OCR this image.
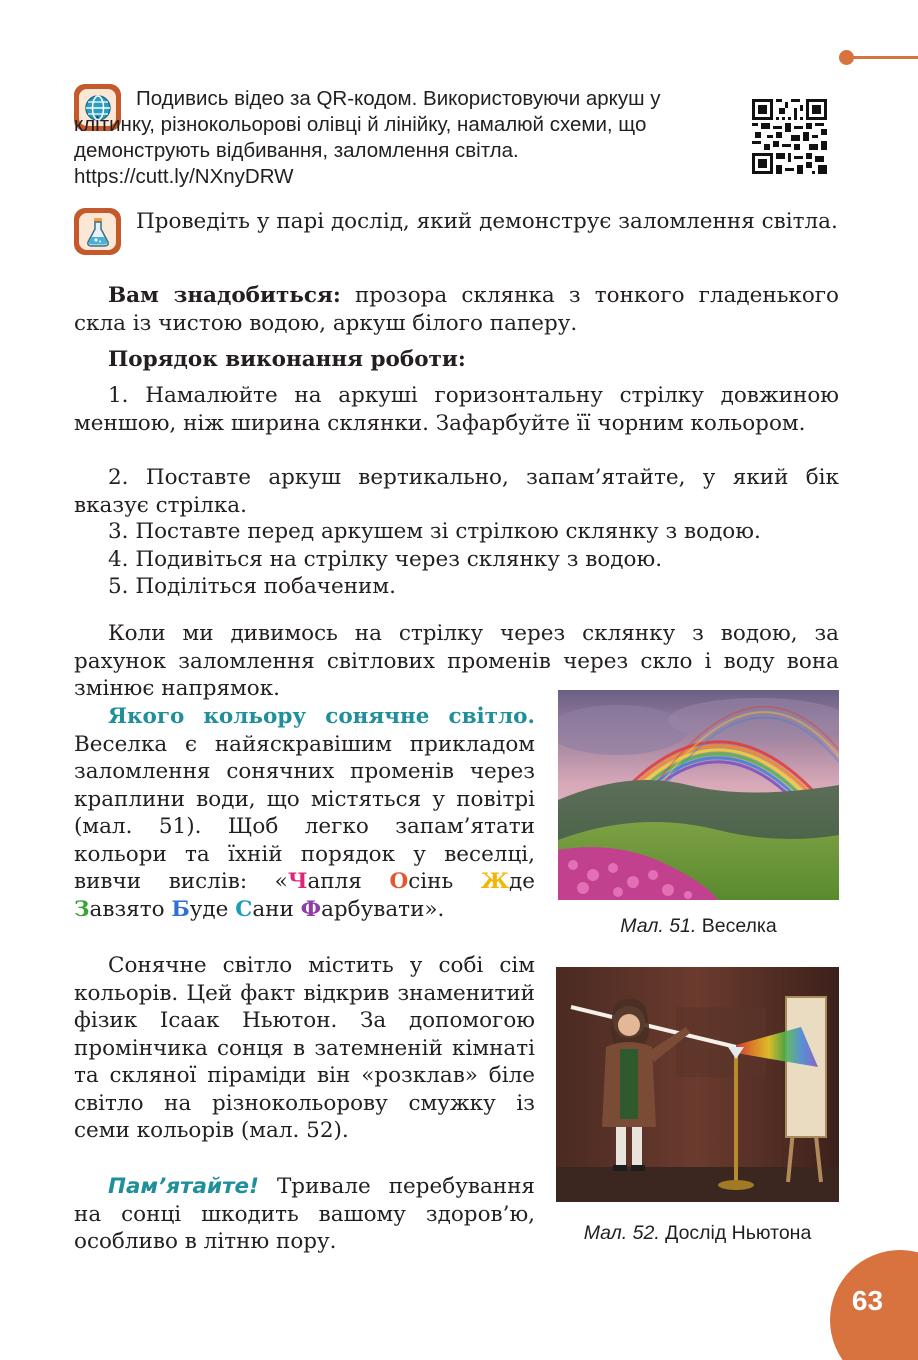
Подивись відео за QR-кодом. Використовуючи аркуш у клітинку, різнокольорові олівці й лінійку, намалюй схеми, що демонструють відбивання, заломлення світла. https://cutt.ly/NXnyDRW
Проведіть у парі дослід, який демонструє заломлення світла.
Вам знадобиться: прозора склянка з тонкого гладенького скла із чистою водою, аркуш білого паперу.
Порядок виконання роботи:
1. Намалюйте на аркуші горизонтальну стрілку довжиною меншою, ніж ширина склянки. Зафарбуйте її чорним кольором.
2. Поставте аркуш вертикально, запам’ятайте, у який бік вказує стрілка.
3. Поставте перед аркушем зі стрілкою склянку з водою.
4. Подивіться на стрілку через склянку з водою.
5. Поділіться побаченим.
Коли ми дивимось на стрілку через склянку з водою, за рахунок заломлення світлових променів через скло і воду вона змінює напрямок.
Якого кольору сонячне світло. Веселка є найяскравішим прикладом заломлення сонячних променів через краплини води, що містяться у повітрі (мал. 51). Щоб легко запам’ятати кольори та їхній порядок у веселці, вивчи вислів: «Чапля Осінь Жде Завзято Буде Сани Фарбувати».
Сонячне світло містить у собі сім кольорів. Цей факт відкрив знаменитий фізик Ісаак Ньютон. За допомогою промінчика сонця в затемненій кімнаті та скляної піраміди він «розклав» біле світло на різнокольорову смужку із семи кольорів (мал. 52).
Пам’ятайте! Тривале перебування на сонці шкодить вашому здоров’ю, особливо в літню пору.
Мал. 51. Веселка
Мал. 52. Дослід Ньютона
63
